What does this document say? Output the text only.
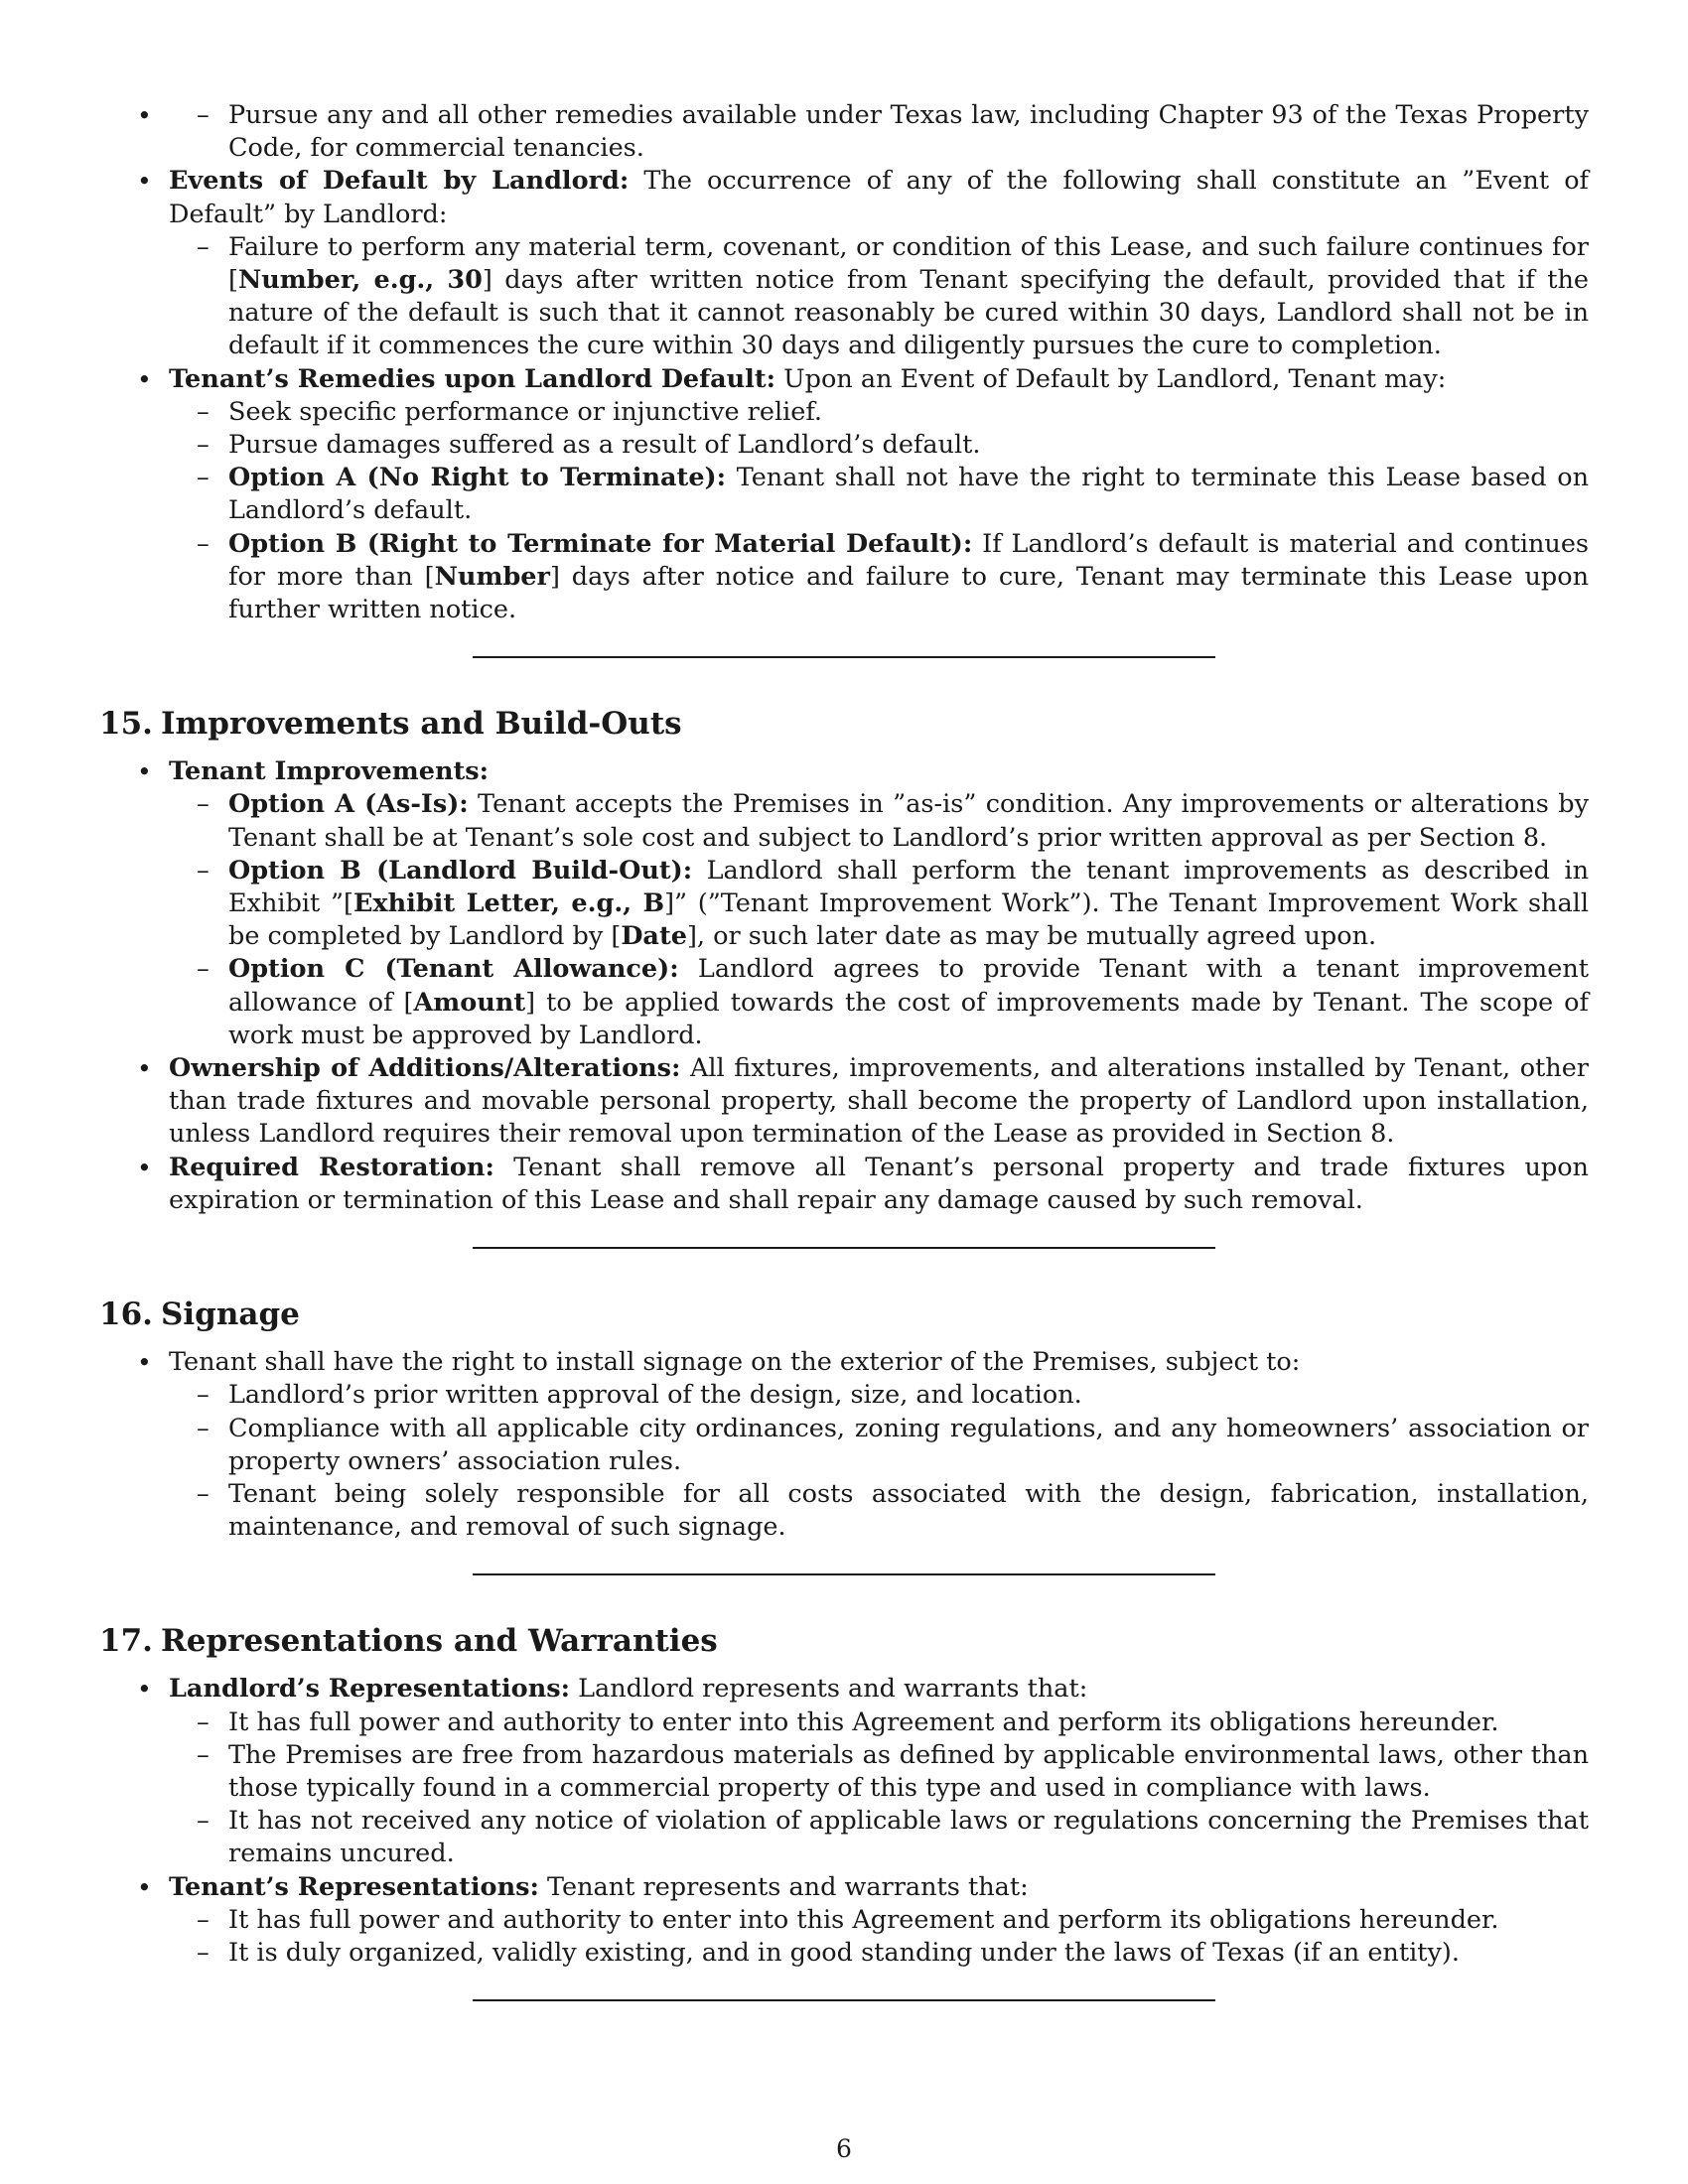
– • Pursue any and all other remedies available under Texas law, including Chapter 93 of the Texas Property Code, for commercial tenancies.
• Events of Default by Landlord: The occurrence of any of the following shall constitute an ”Event of Default” by Landlord:
– Failure to perform any material term, covenant, or condition of this Lease, and such failure continues for [Number, e.g., 30] days after written notice from Tenant specifying the default, provided that if the nature of the default is such that it cannot reasonably be cured within 30 days, Landlord shall not be in default if it commences the cure within 30 days and diligently pursues the cure to completion.
• Tenant’s Remedies upon Landlord Default: Upon an Event of Default by Landlord, Tenant may:
– Seek specific performance or injunctive relief.
– Pursue damages suffered as a result of Landlord’s default.
– Option A (No Right to Terminate): Tenant shall not have the right to terminate this Lease based on Landlord’s default.
– Option B (Right to Terminate for Material Default): If Landlord’s default is material and continues for more than [Number] days after notice and failure to cure, Tenant may terminate this Lease upon further written notice.
15. Improvements and Build-Outs
• Tenant Improvements:
– Option A (As-Is): Tenant accepts the Premises in ”as-is” condition. Any improvements or alterations by Tenant shall be at Tenant’s sole cost and subject to Landlord’s prior written approval as per Section 8.
– Option B (Landlord Build-Out): Landlord shall perform the tenant improvements as described in Exhibit ”[Exhibit Letter, e.g., B]” (”Tenant Improvement Work”). The Tenant Improvement Work shall be completed by Landlord by [Date], or such later date as may be mutually agreed upon.
– Option C (Tenant Allowance): Landlord agrees to provide Tenant with a tenant improvement allowance of [Amount] to be applied towards the cost of improvements made by Tenant. The scope of work must be approved by Landlord.
• Ownership of Additions/Alterations: All fixtures, improvements, and alterations installed by Tenant, other than trade fixtures and movable personal property, shall become the property of Landlord upon installation, unless Landlord requires their removal upon termination of the Lease as provided in Section 8.
• Required Restoration: Tenant shall remove all Tenant’s personal property and trade fixtures upon expiration or termination of this Lease and shall repair any damage caused by such removal.
16. Signage
• Tenant shall have the right to install signage on the exterior of the Premises, subject to:
– Landlord’s prior written approval of the design, size, and location.
– Compliance with all applicable city ordinances, zoning regulations, and any homeowners’ association or property owners’ association rules.
– Tenant being solely responsible for all costs associated with the design, fabrication, installation, maintenance, and removal of such signage.
17. Representations and Warranties
• Landlord’s Representations: Landlord represents and warrants that:
– It has full power and authority to enter into this Agreement and perform its obligations hereunder.
– The Premises are free from hazardous materials as defined by applicable environmental laws, other than those typically found in a commercial property of this type and used in compliance with laws.
– It has not received any notice of violation of applicable laws or regulations concerning the Premises that remains uncured.
• Tenant’s Representations: Tenant represents and warrants that:
– It has full power and authority to enter into this Agreement and perform its obligations hereunder.
– It is duly organized, validly existing, and in good standing under the laws of Texas (if an entity).
6
